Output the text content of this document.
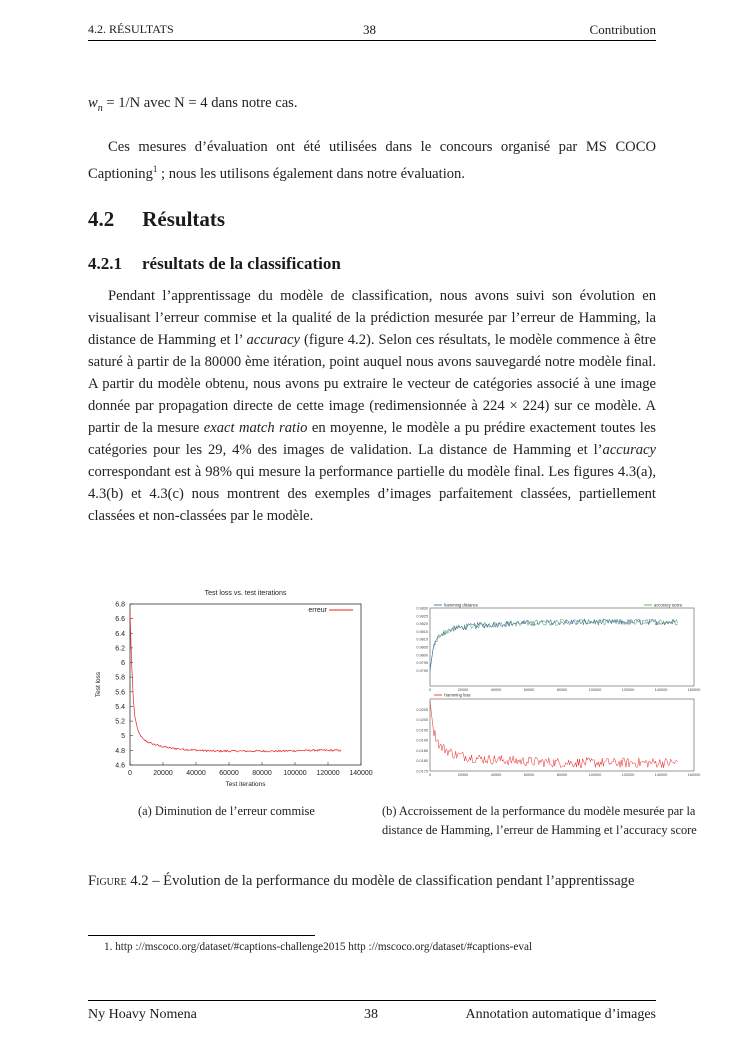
4.2. RÉSULTATS	38	Contribution
$w_n = 1/N$ avec N = 4 dans notre cas.
Ces mesures d’évaluation ont été utilisées dans le concours organisé par MS COCO Captioning$^1$ ; nous les utilisons également dans notre évaluation.
4.2 Résultats
4.2.1 résultats de la classification
Pendant l’apprentissage du modèle de classification, nous avons suivi son évolution en visualisant l’erreur commise et la qualité de la prédiction mesurée par l’erreur de Hamming, la distance de Hamming et l’ accuracy (figure 4.2). Selon ces résultats, le modèle commence à être saturé à partir de la 80000 ème itération, point auquel nous avons sauvegardé notre modèle final. A partir du modèle obtenu, nous avons pu extraire le vecteur de catégories associé à une image donnée par propagation directe de cette image (redimensionnée à 224 × 224) sur ce modèle. A partir de la mesure exact match ratio en moyenne, le modèle a pu prédire exactement toutes les catégories pour les 29, 4% des images de validation. La distance de Hamming et l’accuracy correspondant est à 98% qui mesure la performance partielle du modèle final. Les figures 4.3(a), 4.3(b) et 4.3(c) nous montrent des exemples d’images parfaitement classées, partiellement classées et non-classées par le modèle.
Test loss vs. test iterations
4.6
4.8
5
5.2
5.4
5.6
5.8
6
6.2
6.4
6.6
6.8
0	20000 40000 60000 80000 100000 120000 140000
Test iterations
Test loss
erreur	0.9830
0.9825
0.9820
0.9815
0.9810
0.9805
0.9800
0.9795
0.9790
0	20000	40000	60000	80000	100000	120000	140000	160000
hamming distance	accuracy score
0.0205
0.0200
0.0195
0.0190
0.0185
0.0180
0.0175
0	20000	40000	60000	80000	100000	120000	140000	160000
Hamming loss
(a) Diminution de l’erreur commise	(b) Accroissement de la performance du modèle mesurée par la distance de Hamming, l’erreur de Hamming et l’accuracy score
Figure 4.2 – Évolution de la performance du modèle de classification pendant l’apprentissage
1. http ://mscoco.org/dataset/#captions-challenge2015 http ://mscoco.org/dataset/#captions-eval
Ny Hoavy Nomena	38	Annotation automatique d’images
